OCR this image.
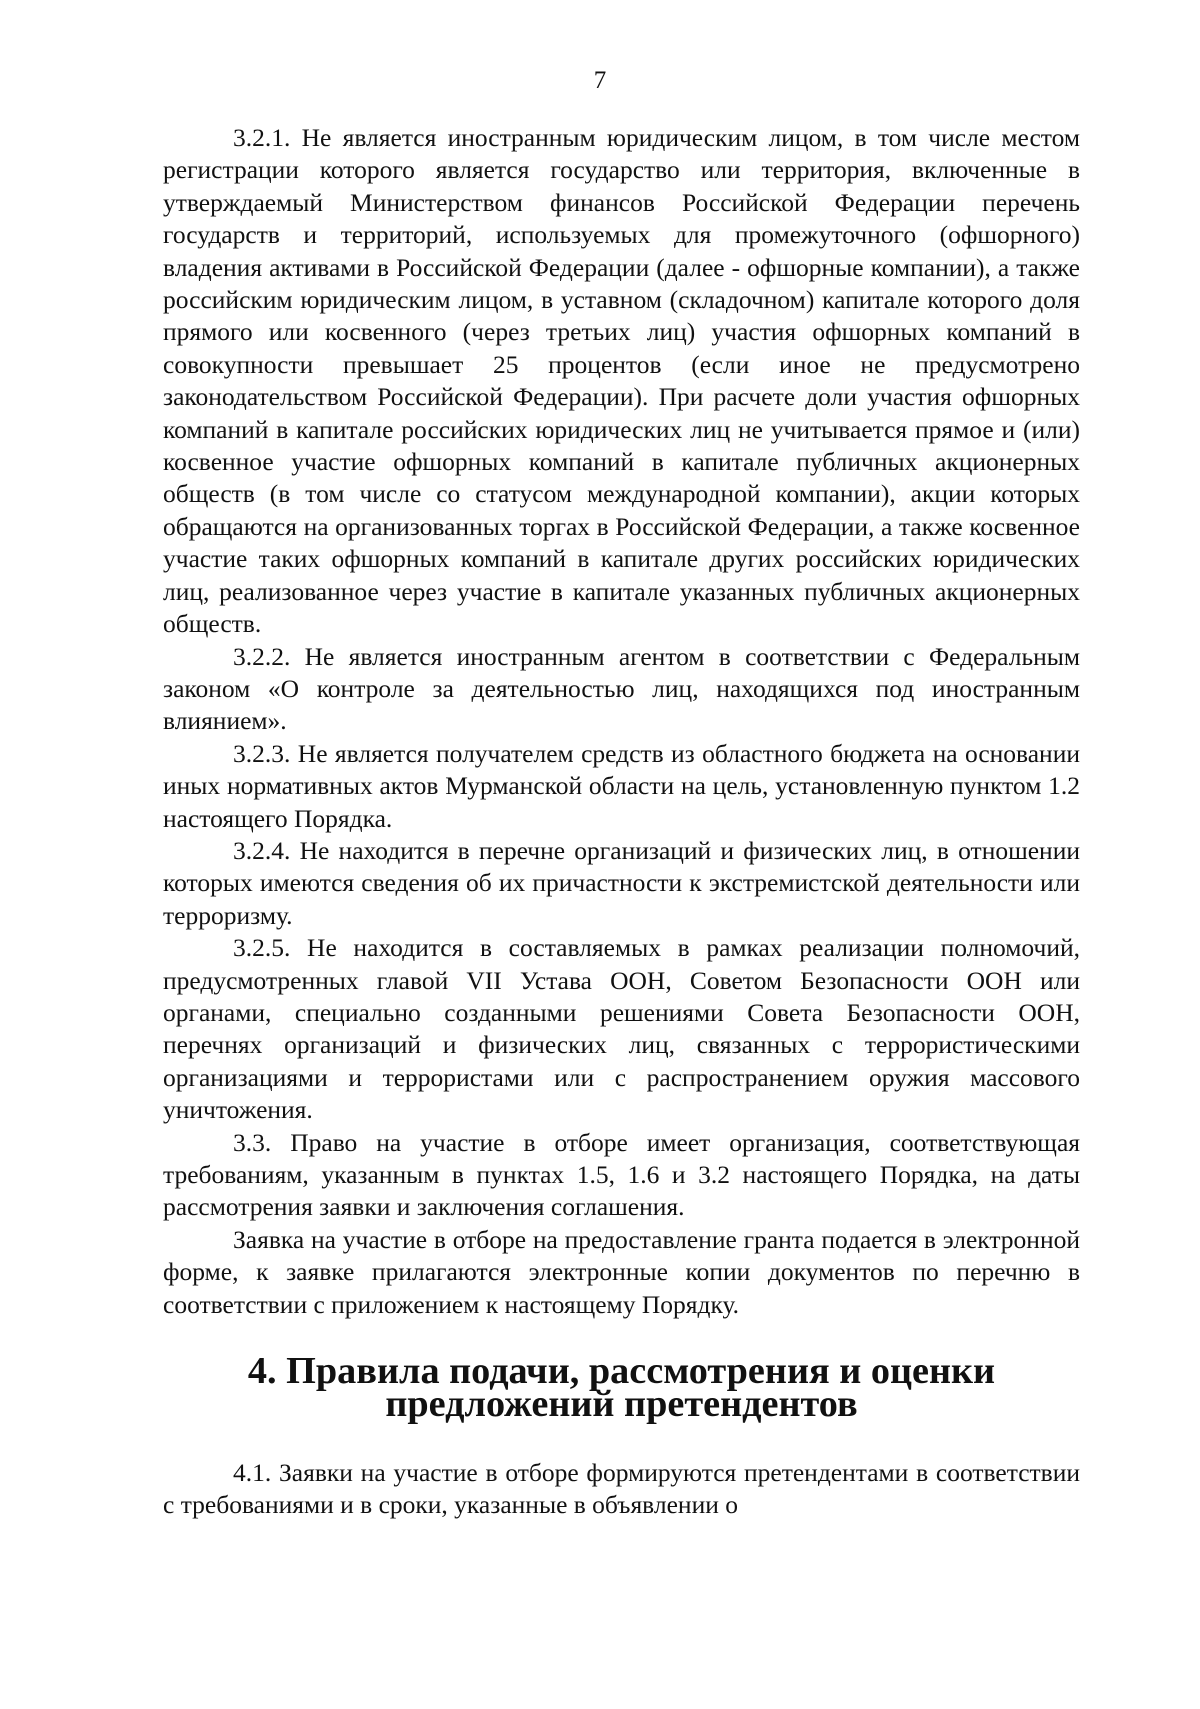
7

3.2.1. Не является иностранным юридическим лицом, в том числе местом регистрации которого является государство или территория, включенные в утверждаемый Министерством финансов Российской Федерации перечень государств и территорий, используемых для промежуточного (офшорного) владения активами в Российской Федерации (далее - офшорные компании), а также российским юридическим лицом, в уставном (складочном) капитале которого доля прямого или косвенного (через третьих лиц) участия офшорных компаний в совокупности превышает 25 процентов (если иное не предусмотрено законодательством Российской Федерации). При расчете доли участия офшорных компаний в капитале российских юридических лиц не учитывается прямое и (или) косвенное участие офшорных компаний в капитале публичных акционерных обществ (в том числе со статусом международной компании), акции которых обращаются на организованных торгах в Российской Федерации, а также косвенное участие таких офшорных компаний в капитале других российских юридических лиц, реализованное через участие в капитале указанных публичных акционерных обществ.

3.2.2. Не является иностранным агентом в соответствии с Федеральным законом «О контроле за деятельностью лиц, находящихся под иностранным влиянием».

3.2.3. Не является получателем средств из областного бюджета на основании иных нормативных актов Мурманской области на цель, установленную пунктом 1.2 настоящего Порядка.

3.2.4. Не находится в перечне организаций и физических лиц, в отношении которых имеются сведения об их причастности к экстремистской деятельности или терроризму.

3.2.5. Не находится в составляемых в рамках реализации полномочий, предусмотренных главой VII Устава ООН, Советом Безопасности ООН или органами, специально созданными решениями Совета Безопасности ООН, перечнях организаций и физических лиц, связанных с террористическими организациями и террористами или с распространением оружия массового уничтожения.

3.3. Право на участие в отборе имеет организация, соответствующая требованиям, указанным в пунктах 1.5, 1.6 и 3.2 настоящего Порядка, на даты рассмотрения заявки и заключения соглашения.

Заявка на участие в отборе на предоставление гранта подается в электронной форме, к заявке прилагаются электронные копии документов по перечню в соответствии с приложением к настоящему Порядку.

4. Правила подачи, рассмотрения и оценки
предложений претендентов

4.1. Заявки на участие в отборе формируются претендентами в соответствии с требованиями и в сроки, указанные в объявлении о
